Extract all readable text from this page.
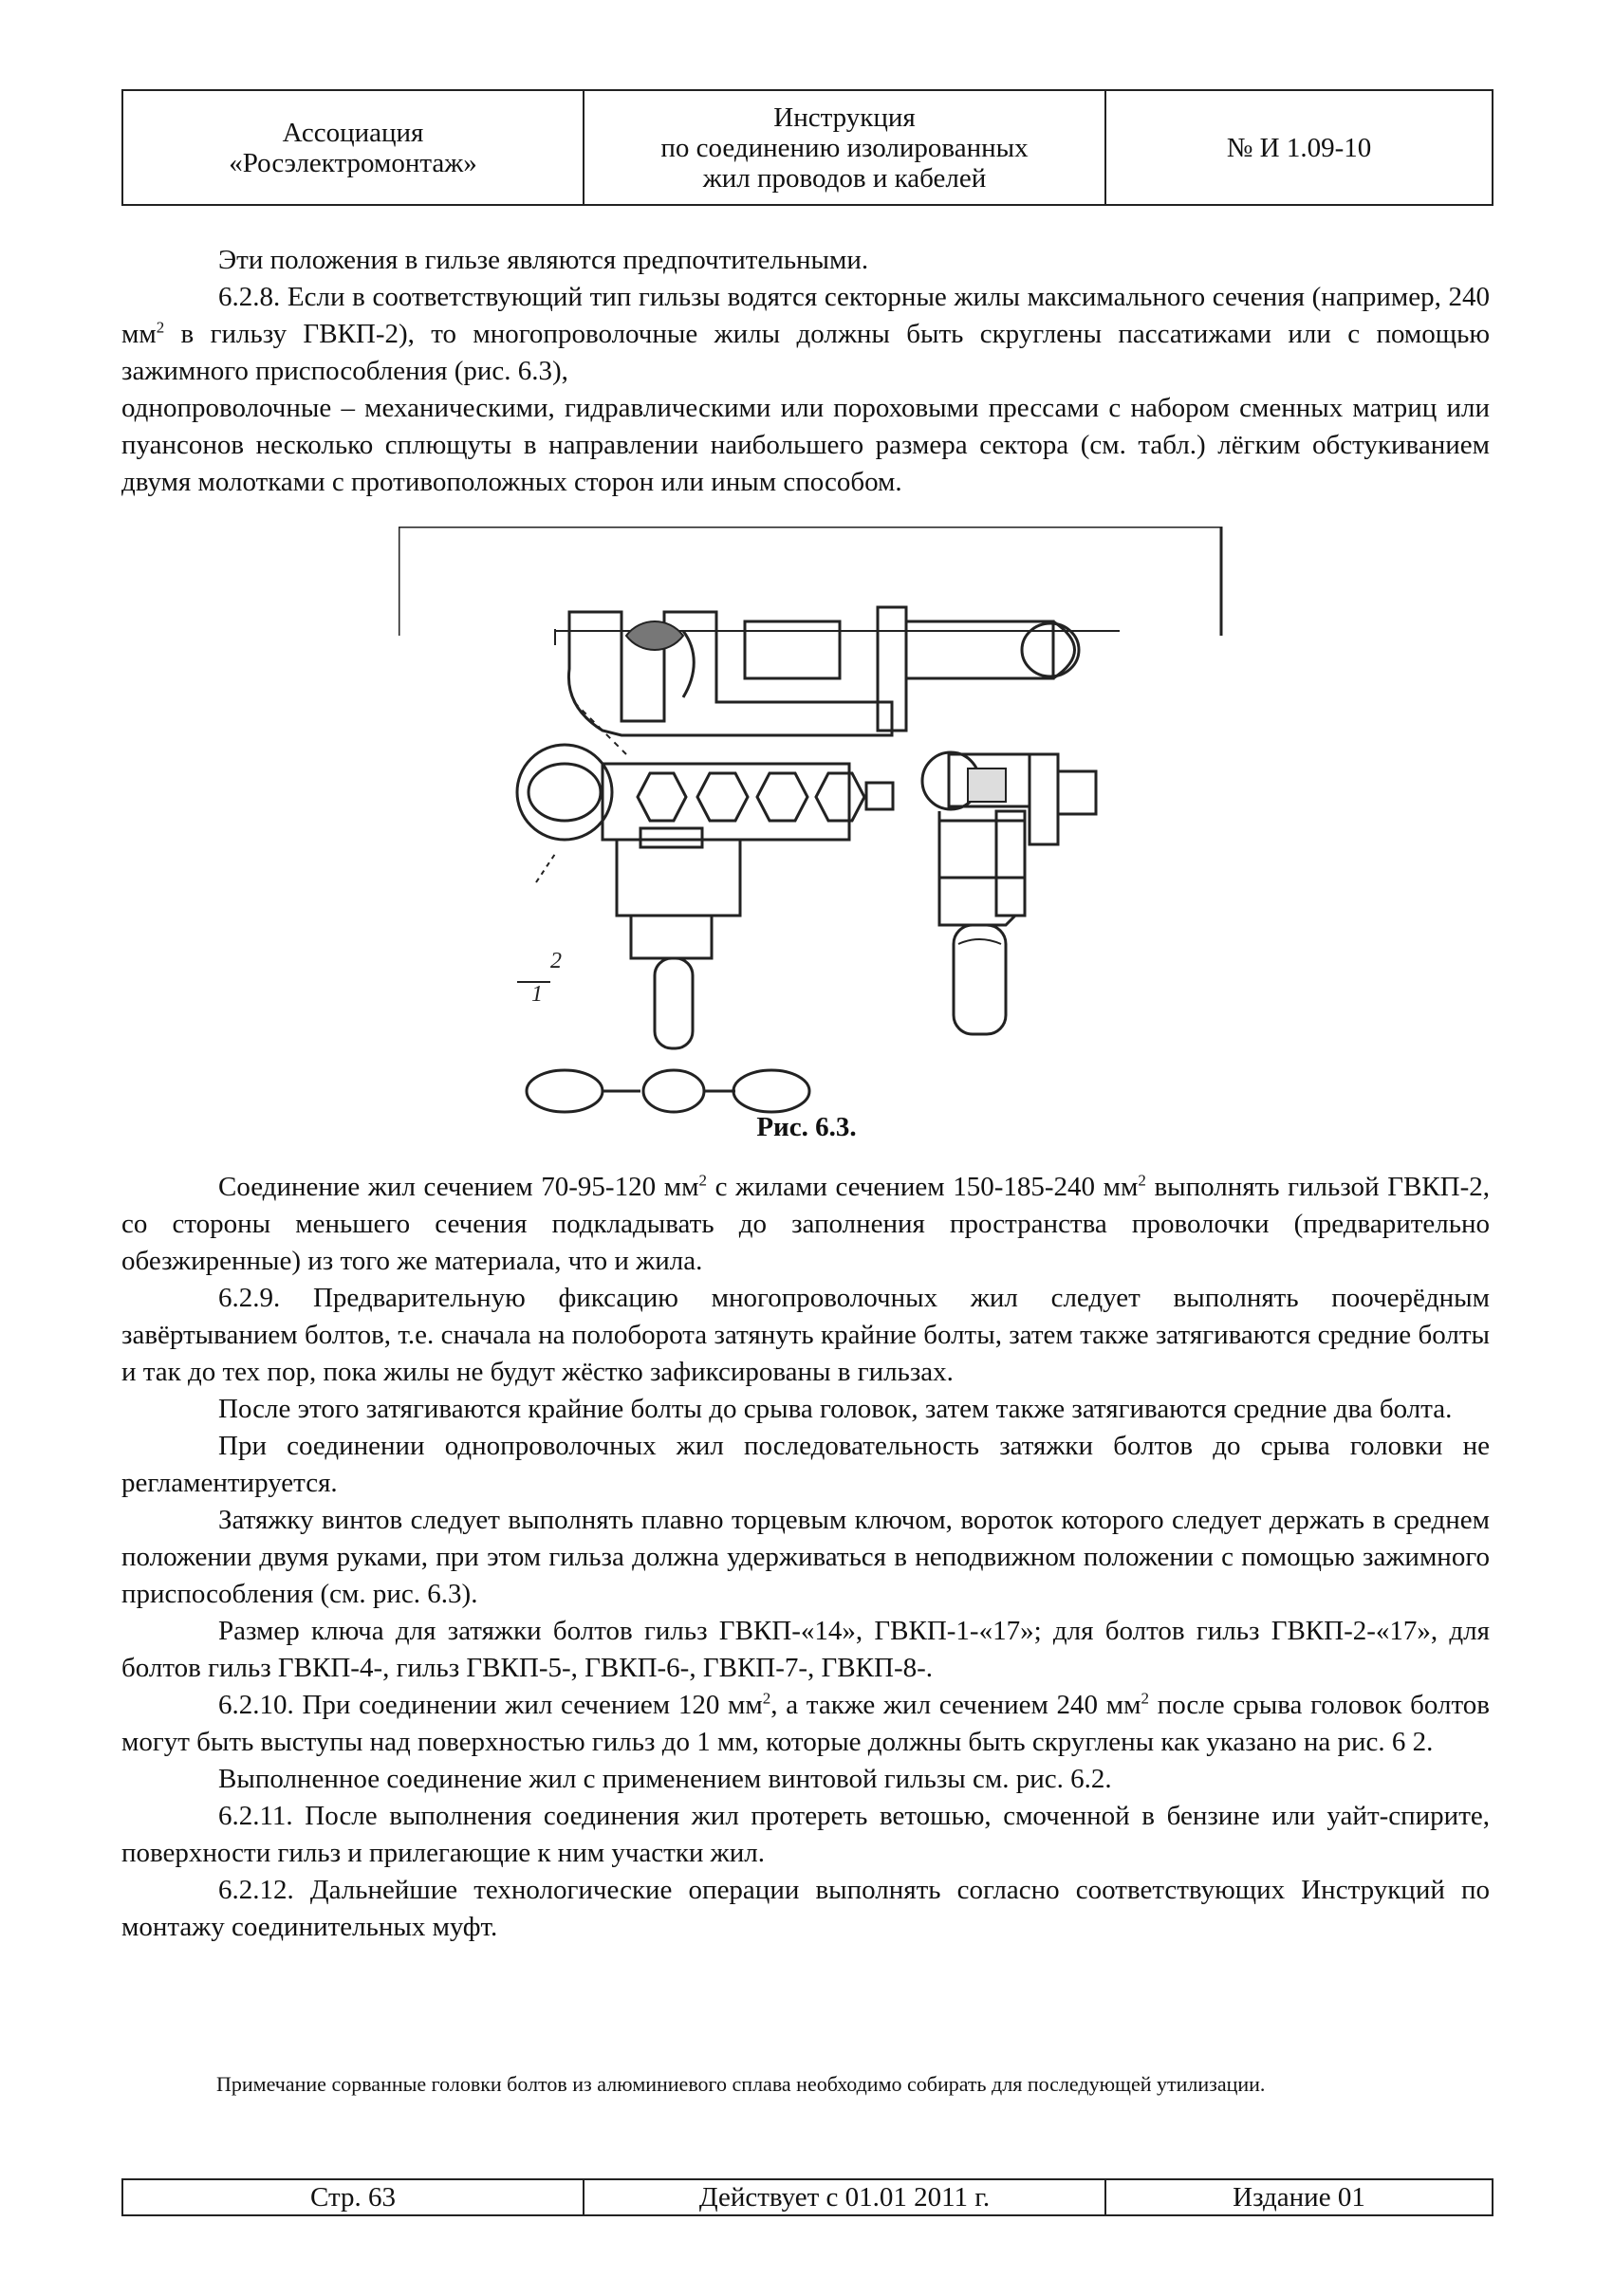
Ассоциация
«Росэлектромонтаж»
Инструкция
по соединению изолированных
жил проводов и кабелей
№ И 1.09-10

Эти положения в гильзе являются предпочтительными.

6.2.8. Если в соответствующий тип гильзы водятся секторные жилы максимального сечения (например, 240 $мм^2$ в гильзу ГВКП-2), то многопроволочные жилы должны быть скруглены пассатижами или с помощью зажимного приспособления (рис. 6.3),

однопроволочные – механическими, гидравлическими или пороховыми прессами с набором сменных матриц или пуансонов несколько сплющуты в направлении наибольшего размера сектора (см. табл.) лёгким обстукиванием двумя молотками с противоположных сторон или иным способом.

2
1
Рис. 6.3.

Соединение жил сечением 70-95-120 $мм^2$ с жилами сечением 150-185-240 $мм^2$ выполнять гильзой ГВКП-2, со стороны меньшего сечения подкладывать до заполнения пространства проволочки (предварительно обезжиренные) из того же материала, что и жила.

6.2.9. Предварительную фиксацию многопроволочных жил следует выполнять поочерёдным завёртыванием болтов, т.е. сначала на полоборота затянуть крайние болты, затем также затягиваются средние болты и так до тех пор, пока жилы не будут жёстко зафиксированы в гильзах.

После этого затягиваются крайние болты до срыва головок, затем также затягиваются средние два болта.

При соединении однопроволочных жил последовательность затяжки болтов до срыва головки не регламентируется.

Затяжку винтов следует выполнять плавно торцевым ключом, вороток которого следует держать в среднем положении двумя руками, при этом гильза должна удерживаться в неподвижном положении с помощью зажимного приспособления (см. рис. 6.3).

Размер ключа для затяжки болтов гильз ГВКП-«14», ГВКП-1-«17»; для болтов гильз ГВКП-2-«17», для болтов гильз ГВКП-4-, гильз ГВКП-5-, ГВКП-6-, ГВКП-7-, ГВКП-8-.

6.2.10. При соединении жил сечением 120 $мм^2$, а также жил сечением 240 $мм^2$ после срыва головок болтов могут быть выступы над поверхностью гильз до 1 мм, которые должны быть скруглены как указано на рис. 6 2.

Выполненное соединение жил с применением винтовой гильзы см. рис. 6.2.

6.2.11. После выполнения соединения жил протереть ветошью, смоченной в бензине или уайт-спирите, поверхности гильз и прилегающие к ним участки жил.

6.2.12. Дальнейшие технологические операции выполнять согласно соответствующих Инструкций по монтажу соединительных муфт.

Примечание сорванные головки болтов из алюминиевого сплава необходимо собирать для последующей утилизации.
Стр. 63	Действует с 01.01 2011 г.	Издание 01
